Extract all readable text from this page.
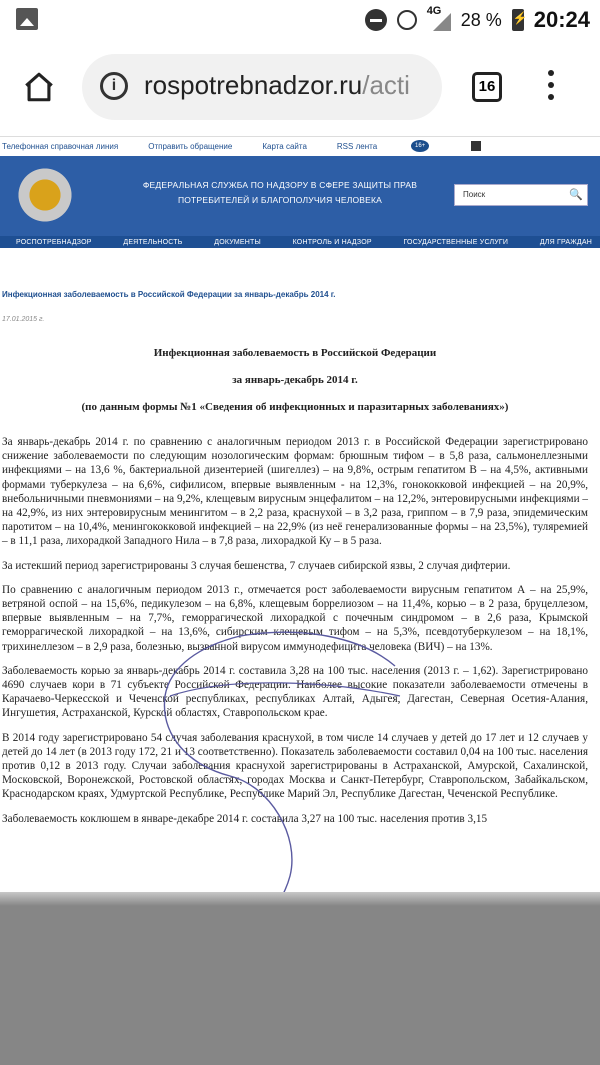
4G 28 %
⚡ 20:24
i	rospotrebnadzor.ru/acti	16
Телефонная справочная линия	Отправить обращение	Карта сайта	RSS лента	16+
ФЕДЕРАЛЬНАЯ СЛУЖБА ПО НАДЗОРУ В СФЕРЕ ЗАЩИТЫ ПРАВ
ПОТРЕБИТЕЛЕЙ И БЛАГОПОЛУЧИЯ ЧЕЛОВЕКА
Поиск	🔍
РОСПОТРЕБНАДЗОР	ДЕЯТЕЛЬНОСТЬ	ДОКУМЕНТЫ	КОНТРОЛЬ И НАДЗОР	ГОСУДАРСТВЕННЫЕ УСЛУГИ	ДЛЯ ГРАЖДАН
Инфекционная заболеваемость в Российской Федерации за январь-декабрь 2014 г.
17.01.2015 г.
Инфекционная заболеваемость в Российской Федерации
за январь-декабрь 2014 г.
(по данным формы №1 «Сведения об инфекционных и паразитарных заболеваниях»)

За январь-декабрь 2014 г. по сравнению с аналогичным периодом 2013 г. в Российской Федерации зарегистрировано снижение заболеваемости по следующим нозологическим формам: брюшным тифом – в 5,8 раза, сальмонеллезными инфекциями – на 13,6 %, бактериальной дизентерией (шигеллез) – на 9,8%, острым гепатитом В – на 4,5%, активными формами туберкулеза – на 6,6%, сифилисом, впервые выявленным - на 12,3%, гонококковой инфекцией – на 20,9%, внебольничными пневмониями – на 9,2%, клещевым вирусным энцефалитом – на 12,2%, энтеровирусными инфекциями – на 42,9%, из них энтеровирусным менингитом – в 2,2 раза, краснухой – в 3,2 раза, гриппом – в 7,9 раза, эпидемическим паротитом – на 10,4%, менингококковой инфекцией – на 22,9% (из неё генерализованные формы – на 23,5%), туляремией – в 11,1 раза, лихорадкой Западного Нила – в 7,8 раза, лихорадкой Ку – в 5 раза.

За истекший период зарегистрированы 3 случая бешенства, 7 случаев сибирской язвы, 2 случая дифтерии.

По сравнению с аналогичным периодом 2013 г., отмечается рост заболеваемости вирусным гепатитом А – на 25,9%, ветряной оспой – на 15,6%, педикулезом – на 6,8%, клещевым боррелиозом – на 11,4%, корью – в 2 раза, бруцеллезом, впервые выявленным – на 7,7%, геморрагической лихорадкой с почечным синдромом – в 2,6 раза, Крымской геморрагической лихорадкой – на 13,6%, сибирским клещевым тифом – на 5,3%, псевдотуберкулезом – на 18,1%, трихинеллезом – в 2,9 раза, болезнью, вызванной вирусом иммунодефицита человека (ВИЧ) – на 13%.

Заболеваемость корью за январь-декабрь 2014 г. составила 3,28 на 100 тыс. населения (2013 г. – 1,62). Зарегистрировано 4690 случаев кори в 71 субъекте Российской Федерации. Наиболее высокие показатели заболеваемости отмечены в Карачаево-Черкесской и Чеченской республиках, республиках Алтай, Адыгея, Дагестан, Северная Осетия-Алания, Ингушетия, Астраханской, Курской областях, Ставропольском крае.

В 2014 году зарегистрировано 54 случая заболевания краснухой, в том числе 14 случаев у детей до 17 лет и 12 случаев у детей до 14 лет (в 2013 году 172, 21 и 13 соответственно). Показатель заболеваемости составил 0,04 на 100 тыс. населения против 0,12 в 2013 году. Случаи заболевания краснухой зарегистрированы в Астраханской, Амурской, Сахалинской, Московской, Воронежской, Ростовской областях, городах Москва и Санкт-Петербург, Ставропольском, Забайкальском, Краснодарском краях, Удмуртской Республике, Республике Марий Эл, Республике Дагестан, Чеченской Республике.

Заболеваемость коклюшем в январе-декабре 2014 г. составила 3,27 на 100 тыс. населения против 3,15
